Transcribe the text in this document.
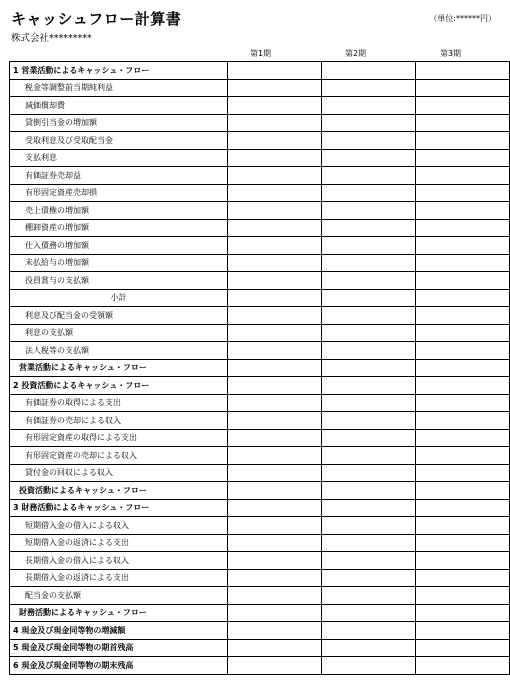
キャッシュフロー計算書	（単位:******円）
株式会社*********
第1期	第2期	第3期
1 営業活動によるキャッシュ・フロー			
税金等調整前当期純利益			
減価償却費			
貸倒引当金の増加額			
受取利息及び受取配当金			
支払利息			
有価証券売却益			
有形固定資産売却損			
売上債権の増加額			
棚卸資産の増加額			
仕入債務の増加額			
未払給与の増加額			
役員賞与の支払額			
小計			
利息及び配当金の受領額			
利息の支払額			
法人税等の支払額			
営業活動によるキャッシュ・フロー			
2 投資活動によるキャッシュ・フロー			
有価証券の取得による支出			
有価証券の売却による収入			
有形固定資産の取得による支出			
有形固定資産の売却による収入			
貸付金の回収による収入			
投資活動によるキャッシュ・フロー			
3 財務活動によるキャッシュ・フロー			
短期借入金の借入による収入			
短期借入金の返済による支出			
長期借入金の借入による収入			
長期借入金の返済による支出			
配当金の支払額			
財務活動によるキャッシュ・フロー			
4 現金及び現金同等物の増減額			
5 現金及び現金同等物の期首残高			
6 現金及び現金同等物の期末残高			
